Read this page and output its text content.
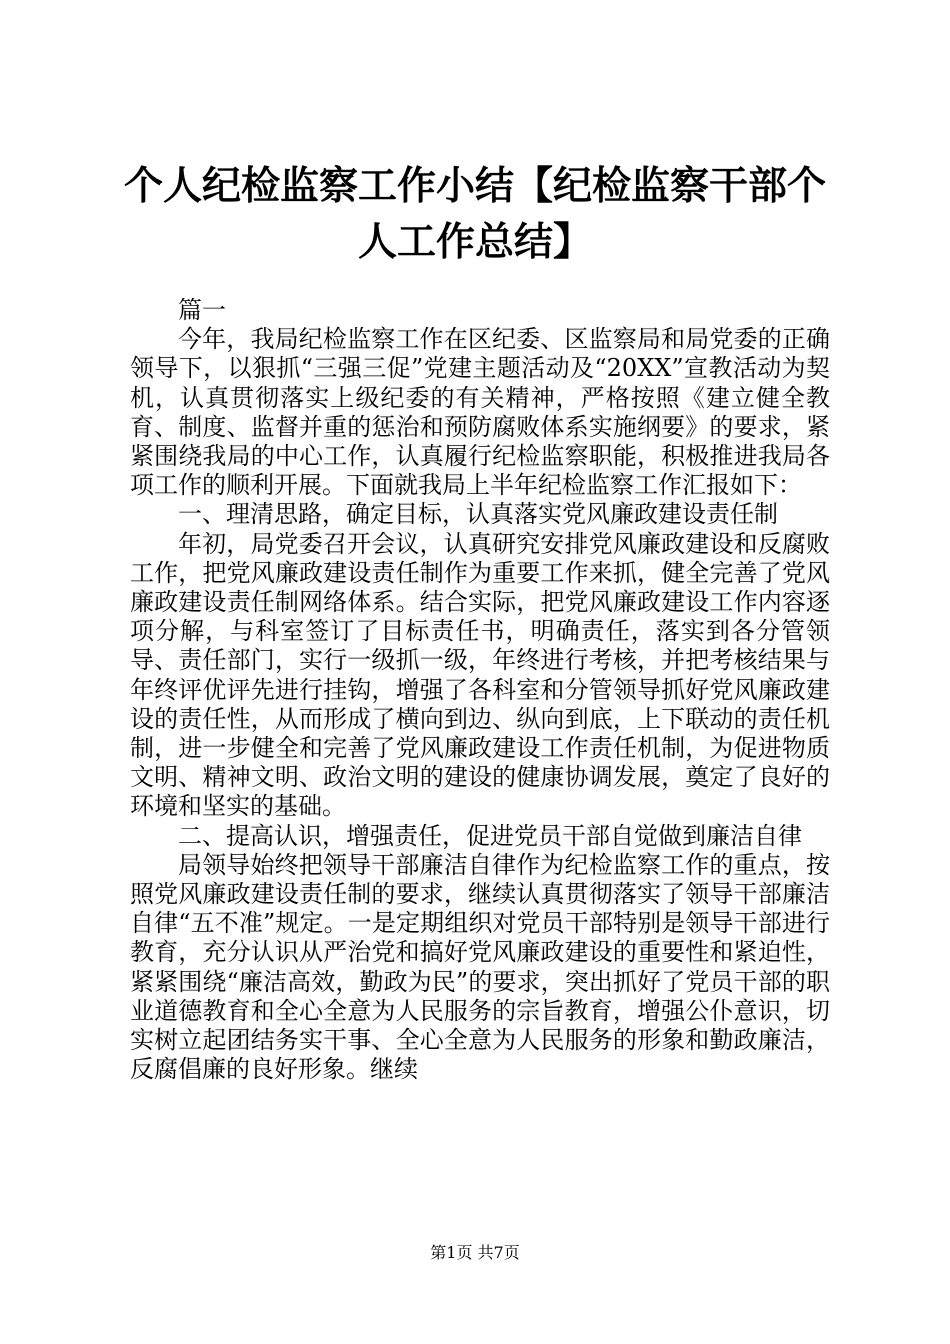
个人纪检监察工作小结【纪检监察干部个人工作总结】

篇一

今年，我局纪检监察工作在区纪委、区监察局和局党委的正确领导下，以狠抓“三强三促”党建主题活动及“20XX”宣教活动为契机，认真贯彻落实上级纪委的有关精神，严格按照《建立健全教育、制度、监督并重的惩治和预防腐败体系实施纲要》的要求，紧紧围绕我局的中心工作，认真履行纪检监察职能，积极推进我局各项工作的顺利开展。下面就我局上半年纪检监察工作汇报如下：

一、理清思路，确定目标，认真落实党风廉政建设责任制

年初，局党委召开会议，认真研究安排党风廉政建设和反腐败工作，把党风廉政建设责任制作为重要工作来抓，健全完善了党风廉政建设责任制网络体系。结合实际，把党风廉政建设工作内容逐项分解，与科室签订了目标责任书，明确责任，落实到各分管领导、责任部门，实行一级抓一级，年终进行考核，并把考核结果与年终评优评先进行挂钩，增强了各科室和分管领导抓好党风廉政建设的责任性，从而形成了横向到边、纵向到底，上下联动的责任机制，进一步健全和完善了党风廉政建设工作责任机制，为促进物质文明、精神文明、政治文明的建设的健康协调发展，奠定了良好的环境和坚实的基础。

二、提高认识，增强责任，促进党员干部自觉做到廉洁自律

局领导始终把领导干部廉洁自律作为纪检监察工作的重点，按照党风廉政建设责任制的要求，继续认真贯彻落实了领导干部廉洁自律“五不准”规定。一是定期组织对党员干部特别是领导干部进行教育，充分认识从严治党和搞好党风廉政建设的重要性和紧迫性，紧紧围绕“廉洁高效，勤政为民”的要求，突出抓好了党员干部的职业道德教育和全心全意为人民服务的宗旨教育，增强公仆意识，切实树立起团结务实干事、全心全意为人民服务的形象和勤政廉洁，反腐倡廉的良好形象。继续

第1页 共7页
